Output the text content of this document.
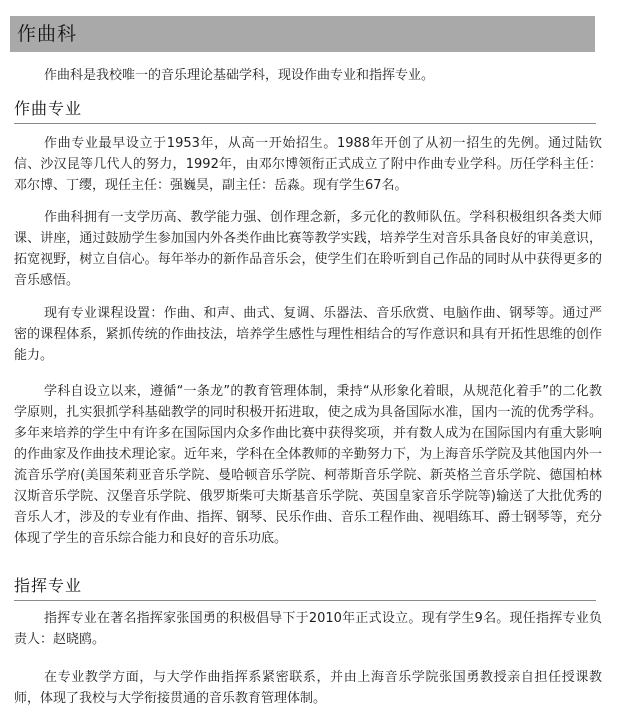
作曲科

作曲科是我校唯一的音乐理论基础学科，现设作曲专业和指挥专业。

作曲专业

作曲专业最早设立于1953年，从高一开始招生。1988年开创了从初一招生的先例。通过陆钦信、沙汉昆等几代人的努力，1992年，由邓尔博领衔正式成立了附中作曲专业学科。历任学科主任：邓尔博、丁缨，现任主任：强巍昊，副主任：岳淼。现有学生67名。

作曲科拥有一支学历高、教学能力强、创作理念新，多元化的教师队伍。学科积极组织各类大师课、讲座，通过鼓励学生参加国内外各类作曲比赛等教学实践，培养学生对音乐具备良好的审美意识，拓宽视野，树立自信心。每年举办的新作品音乐会，使学生们在聆听到自己作品的同时从中获得更多的音乐感悟。

现有专业课程设置：作曲、和声、曲式、复调、乐器法、音乐欣赏、电脑作曲、钢琴等。通过严密的课程体系，紧抓传统的作曲技法，培养学生感性与理性相结合的写作意识和具有开拓性思维的创作能力。

学科自设立以来，遵循“一条龙”的教育管理体制，秉持“从形象化着眼，从规范化着手”的二化教学原则，扎实狠抓学科基础教学的同时积极开拓进取，使之成为具备国际水准，国内一流的优秀学科。多年来培养的学生中有许多在国际国内众多作曲比赛中获得奖项，并有数人成为在国际国内有重大影响的作曲家及作曲技术理论家。近年来，学科在全体教师的辛勤努力下，为上海音乐学院及其他国内外一流音乐学府(美国茱莉亚音乐学院、曼哈顿音乐学院、柯蒂斯音乐学院、新英格兰音乐学院、德国柏林汉斯音乐学院、汉堡音乐学院、俄罗斯柴可夫斯基音乐学院、英国皇家音乐学院等)输送了大批优秀的音乐人才，涉及的专业有作曲、指挥、钢琴、民乐作曲、音乐工程作曲、视唱练耳、爵士钢琴等，充分体现了学生的音乐综合能力和良好的音乐功底。

指挥专业

指挥专业在著名指挥家张国勇的积极倡导下于2010年正式设立。现有学生9名。现任指挥专业负责人：赵晓鸥。

在专业教学方面，与大学作曲指挥系紧密联系，并由上海音乐学院张国勇教授亲自担任授课教师，体现了我校与大学衔接贯通的音乐教育管理体制。
